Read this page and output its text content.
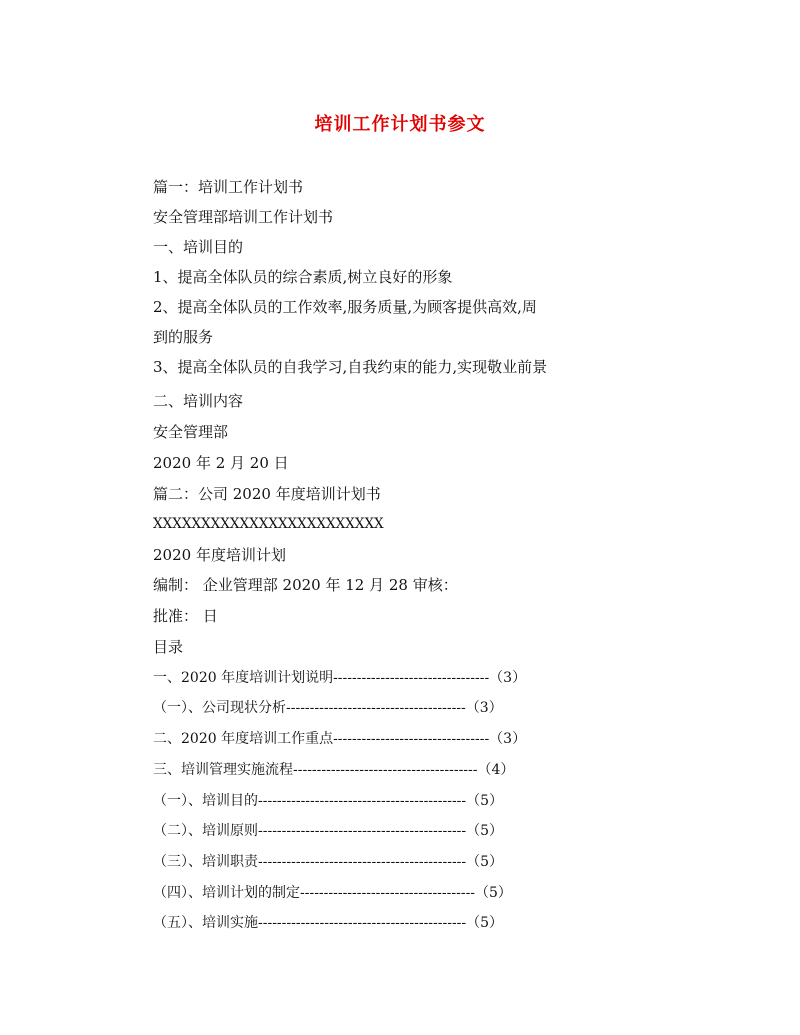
培训工作计划书参文
篇一：培训工作计划书
安全管理部培训工作计划书
一、培训目的
1、提高全体队员的综合素质,树立良好的形象
2、提高全体队员的工作效率,服务质量,为顾客提供高效,周
到的服务
3、提高全体队员的自我学习,自我约束的能力,实现敬业前景
二、培训内容
安全管理部
2020 年 2 月 20 日
篇二：公司 2020 年度培训计划书
XXXXXXXXXXXXXXXXXXXXXXXX
2020 年度培训计划
编制： 企业管理部 2020 年 12 月 28 审核：
批准： 日
目录
一、2020 年度培训计划说明---------------------------------（3）
（一）、公司现状分析--------------------------------------（3）
二、2020 年度培训工作重点---------------------------------（3）
三、培训管理实施流程---------------------------------------（4）
（一）、培训目的--------------------------------------------（5）
（二）、培训原则--------------------------------------------（5）
（三）、培训职责--------------------------------------------（5）
（四）、培训计划的制定-------------------------------------（5）
（五）、培训实施--------------------------------------------（5）
